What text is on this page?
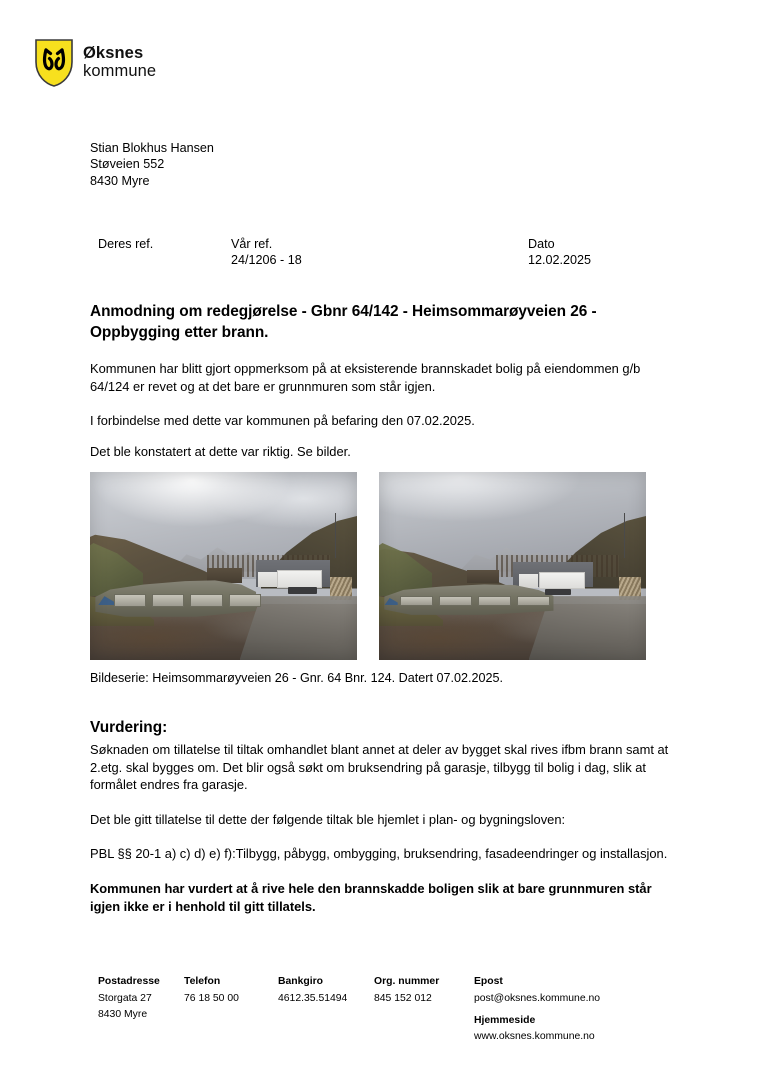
Øksnes
kommune
Stian Blokhus Hansen
Støveien 552
8430 Myre
Deres ref.	Vår ref.
24/1206 - 18
Dato
12.02.2025
Anmodning om redegjørelse - Gbnr 64/142 - Heimsommarøyveien 26 - Oppbygging etter brann.

Kommunen har blitt gjort oppmerksom på at eksisterende brannskadet bolig på eiendommen g/b 64/124 er revet og at det bare er grunnmuren som står igjen.

I forbindelse med dette var kommunen på befaring den 07.02.2025.

Det ble konstatert at dette var riktig. Se bilder.

Bildeserie: Heimsommarøyveien 26 - Gnr. 64 Bnr. 124. Datert 07.02.2025.
Vurdering:

Søknaden om tillatelse til tiltak omhandlet blant annet at deler av bygget skal rives ifbm brann samt at 2.etg. skal bygges om. Det blir også søkt om bruksendring på garasje, tilbygg til bolig i dag, slik at formålet endres fra garasje.

Det ble gitt tillatelse til dette der følgende tiltak ble hjemlet i plan- og bygningsloven:

PBL §§ 20-1 a) c) d) e) f):Tilbygg, påbygg, ombygging, bruksendring, fasadeendringer og installasjon.

Kommunen har vurdert at å rive hele den brannskadde boligen slik at bare grunnmuren står igjen ikke er i henhold til gitt tillatels.

Postadresse
Storgata 27
8430 Myre
Telefon
76 18 50 00
Bankgiro
4612.35.51494
Org. nummer
845 152 012
Epost
post@oksnes.kommune.no
Hjemmeside
www.oksnes.kommune.no
